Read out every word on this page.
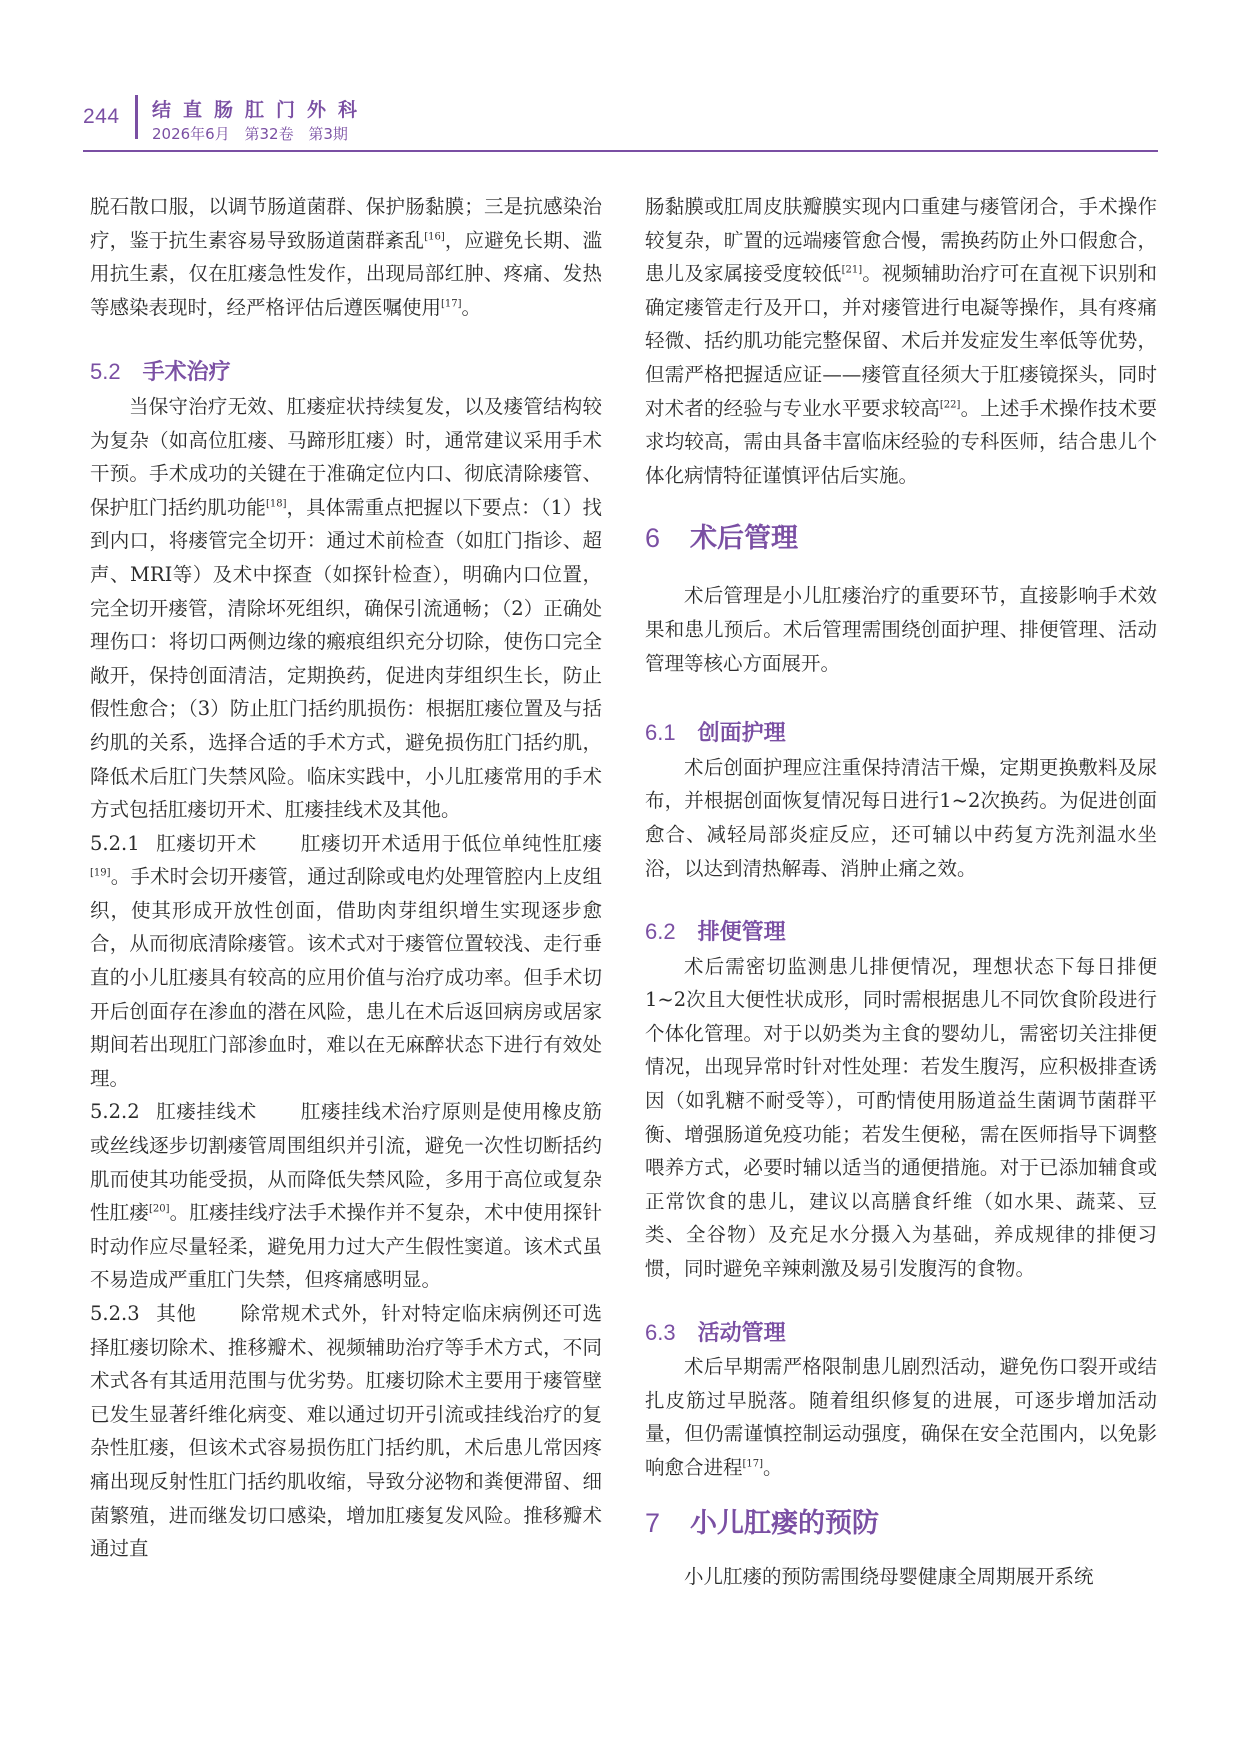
244 结直肠肛门外科
2026年6月 第32卷 第3期

脱石散口服，以调节肠道菌群、保护肠黏膜；三是抗感染治疗，鉴于抗生素容易导致肠道菌群紊乱[16]，应避免长期、滥用抗生素，仅在肛瘘急性发作，出现局部红肿、疼痛、发热等感染表现时，经严格评估后遵医嘱使用[17]。

5.2 手术治疗

当保守治疗无效、肛瘘症状持续复发，以及瘘管结构较为复杂（如高位肛瘘、马蹄形肛瘘）时，通常建议采用手术干预。手术成功的关键在于准确定位内口、彻底清除瘘管、保护肛门括约肌功能[18]，具体需重点把握以下要点：（1）找到内口，将瘘管完全切开：通过术前检查（如肛门指诊、超声、MRI等）及术中探查（如探针检查），明确内口位置，完全切开瘘管，清除坏死组织，确保引流通畅；（2）正确处理伤口：将切口两侧边缘的瘢痕组织充分切除，使伤口完全敞开，保持创面清洁，定期换药，促进肉芽组织生长，防止假性愈合；（3）防止肛门括约肌损伤：根据肛瘘位置及与括约肌的关系，选择合适的手术方式，避免损伤肛门括约肌，降低术后肛门失禁风险。临床实践中，小儿肛瘘常用的手术方式包括肛瘘切开术、肛瘘挂线术及其他。

5.2.1 肛瘘切开术 肛瘘切开术适用于低位单纯性肛瘘[19]。手术时会切开瘘管，通过刮除或电灼处理管腔内上皮组织，使其形成开放性创面，借助肉芽组织增生实现逐步愈合，从而彻底清除瘘管。该术式对于瘘管位置较浅、走行垂直的小儿肛瘘具有较高的应用价值与治疗成功率。但手术切开后创面存在渗血的潜在风险，患儿在术后返回病房或居家期间若出现肛门部渗血时，难以在无麻醉状态下进行有效处理。

5.2.2 肛瘘挂线术 肛瘘挂线术治疗原则是使用橡皮筋或丝线逐步切割瘘管周围组织并引流，避免一次性切断括约肌而使其功能受损，从而降低失禁风险，多用于高位或复杂性肛瘘[20]。肛瘘挂线疗法手术操作并不复杂，术中使用探针时动作应尽量轻柔，避免用力过大产生假性窦道。该术式虽不易造成严重肛门失禁，但疼痛感明显。

5.2.3 其他 除常规术式外，针对特定临床病例还可选择肛瘘切除术、推移瓣术、视频辅助治疗等手术方式，不同术式各有其适用范围与优劣势。肛瘘切除术主要用于瘘管壁已发生显著纤维化病变、难以通过切开引流或挂线治疗的复杂性肛瘘，但该术式容易损伤肛门括约肌，术后患儿常因疼痛出现反射性肛门括约肌收缩，导致分泌物和粪便滞留、细菌繁殖，进而继发切口感染，增加肛瘘复发风险。推移瓣术通过直

肠黏膜或肛周皮肤瓣膜实现内口重建与瘘管闭合，手术操作较复杂，旷置的远端瘘管愈合慢，需换药防止外口假愈合，患儿及家属接受度较低[21]。视频辅助治疗可在直视下识别和确定瘘管走行及开口，并对瘘管进行电凝等操作，具有疼痛轻微、括约肌功能完整保留、术后并发症发生率低等优势，但需严格把握适应证——瘘管直径须大于肛瘘镜探头，同时对术者的经验与专业水平要求较高[22]。上述手术操作技术要求均较高，需由具备丰富临床经验的专科医师，结合患儿个体化病情特征谨慎评估后实施。

6 术后管理

术后管理是小儿肛瘘治疗的重要环节，直接影响手术效果和患儿预后。术后管理需围绕创面护理、排便管理、活动管理等核心方面展开。

6.1 创面护理

术后创面护理应注重保持清洁干燥，定期更换敷料及尿布，并根据创面恢复情况每日进行1~2次换药。为促进创面愈合、减轻局部炎症反应，还可辅以中药复方洗剂温水坐浴，以达到清热解毒、消肿止痛之效。

6.2 排便管理

术后需密切监测患儿排便情况，理想状态下每日排便1~2次且大便性状成形，同时需根据患儿不同饮食阶段进行个体化管理。对于以奶类为主食的婴幼儿，需密切关注排便情况，出现异常时针对性处理：若发生腹泻，应积极排查诱因（如乳糖不耐受等），可酌情使用肠道益生菌调节菌群平衡、增强肠道免疫功能；若发生便秘，需在医师指导下调整喂养方式，必要时辅以适当的通便措施。对于已添加辅食或正常饮食的患儿，建议以高膳食纤维（如水果、蔬菜、豆类、全谷物）及充足水分摄入为基础，养成规律的排便习惯，同时避免辛辣刺激及易引发腹泻的食物。

6.3 活动管理

术后早期需严格限制患儿剧烈活动，避免伤口裂开或结扎皮筋过早脱落。随着组织修复的进展，可逐步增加活动量，但仍需谨慎控制运动强度，确保在安全范围内，以免影响愈合进程[17]。

7 小儿肛瘘的预防

小儿肛瘘的预防需围绕母婴健康全周期展开系统
